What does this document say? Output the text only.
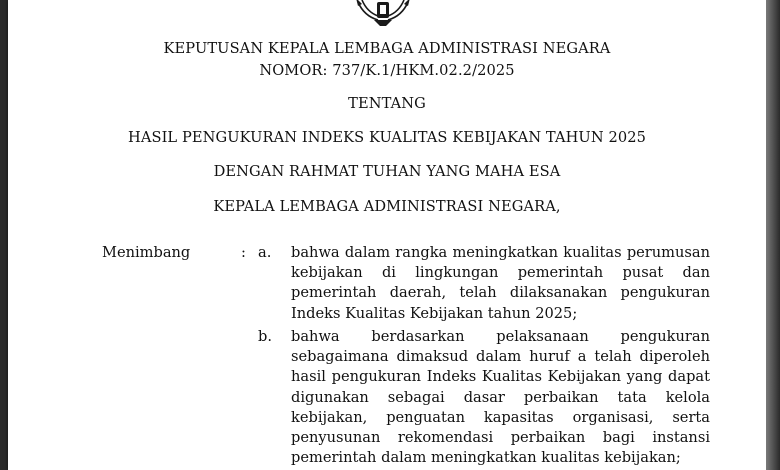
KEPUTUSAN KEPALA LEMBAGA ADMINISTRASI NEGARA
NOMOR: 737/K.1/HKM.02.2/2025
TENTANG
HASIL PENGUKURAN INDEKS KUALITAS KEBIJAKAN TAHUN 2025
DENGAN RAHMAT TUHAN YANG MAHA ESA
KEPALA LEMBAGA ADMINISTRASI NEGARA,
Menimbang	: a. bahwa dalam rangka meningkatkan kualitas perumusan
kebijakan di lingkungan pemerintah pusat dan
pemerintah daerah, telah dilaksanakan pengukuran
Indeks Kualitas Kebijakan tahun 2025;
b. bahwa berdasarkan pelaksanaan pengukuran
sebagaimana dimaksud dalam huruf a telah diperoleh
hasil pengukuran Indeks Kualitas Kebijakan yang dapat
digunakan sebagai dasar perbaikan tata kelola
kebijakan, penguatan kapasitas organisasi, serta
penyusunan rekomendasi perbaikan bagi instansi
pemerintah dalam meningkatkan kualitas kebijakan;
